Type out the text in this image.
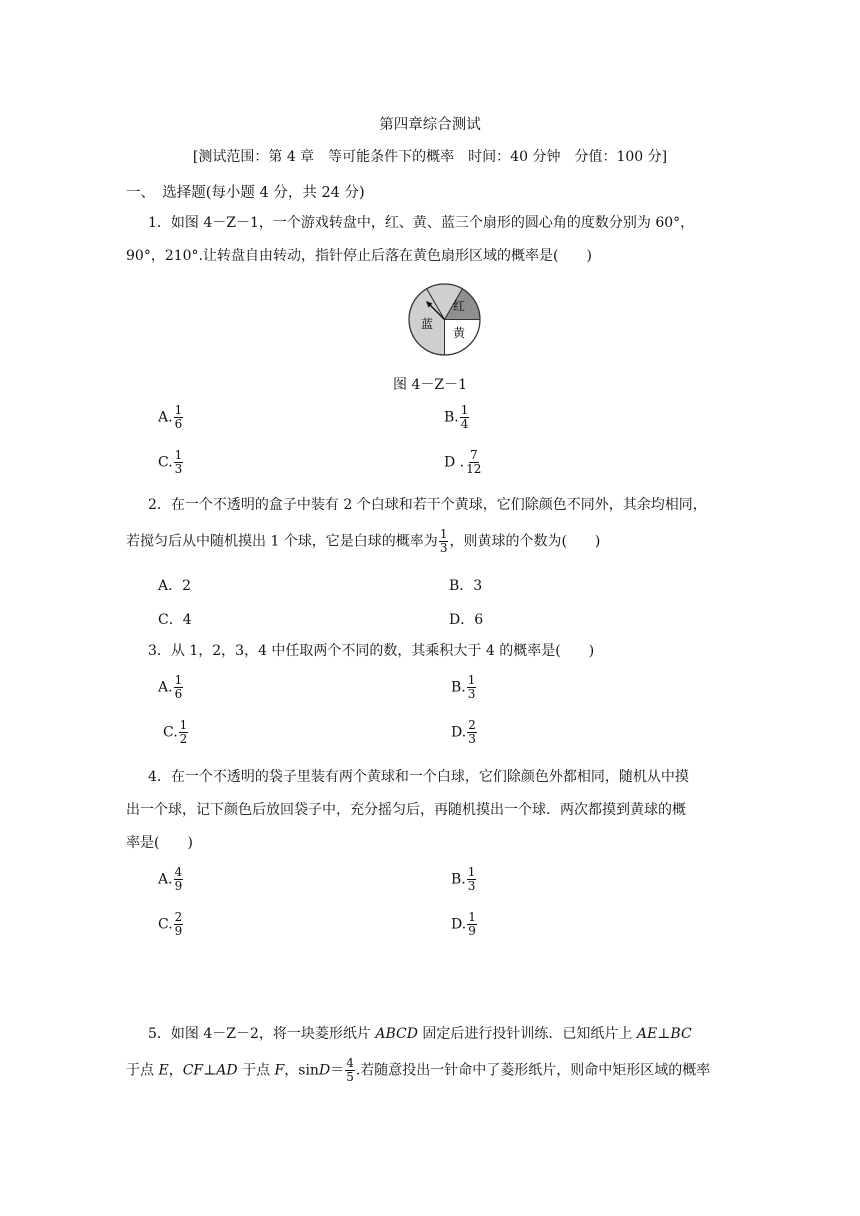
第四章综合测试
[测试范围：第 4 章　等可能条件下的概率　时间：40 分钟　分值：100 分]
一、　选择题(每小题 4 分，共 24 分)
1．如图 4－Z－1，一个游戏转盘中，红、黄、蓝三个扇形的圆心角的度数分别为 60°，
90°，210°.让转盘自由转动，指针停止后落在黄色扇形区域的概率是(　　)
红
黄
蓝
图 4－Z－1
A. $\frac{1}{6}$	B. $\frac{1}{4}$
C. $\frac{1}{3}$	D . $\frac{7}{12}$
2．在一个不透明的盒子中装有 2 个白球和若干个黄球，它们除颜色不同外，其余均相同，
若搅匀后从中随机摸出 1 个球，它是白球的概率为 $\frac{1}{3}$ ，则黄球的个数为(　　)
A．2	B．3
C．4	D．6
3．从 1，2，3，4 中任取两个不同的数，其乘积大于 4 的概率是(　　)
A. $\frac{1}{6}$	B. $\frac{1}{3}$
C. $\frac{1}{2}$	D. $\frac{2}{3}$
4．在一个不透明的袋子里装有两个黄球和一个白球，它们除颜色外都相同，随机从中摸
出一个球，记下颜色后放回袋子中，充分摇匀后，再随机摸出一个球．两次都摸到黄球的概
率是(　　)
A. $\frac{4}{9}$	B. $\frac{1}{3}$
C. $\frac{2}{9}$	D. $\frac{1}{9}$
5．如图 4－Z－2，将一块菱形纸片 ABCD 固定后进行投针训练．已知纸片上 AE⊥BC
于点 E，CF⊥AD 于点 F，$\sin D= \frac{4}{5}$ .若随意投出一针命中了菱形纸片，则命中矩形区域的概率
